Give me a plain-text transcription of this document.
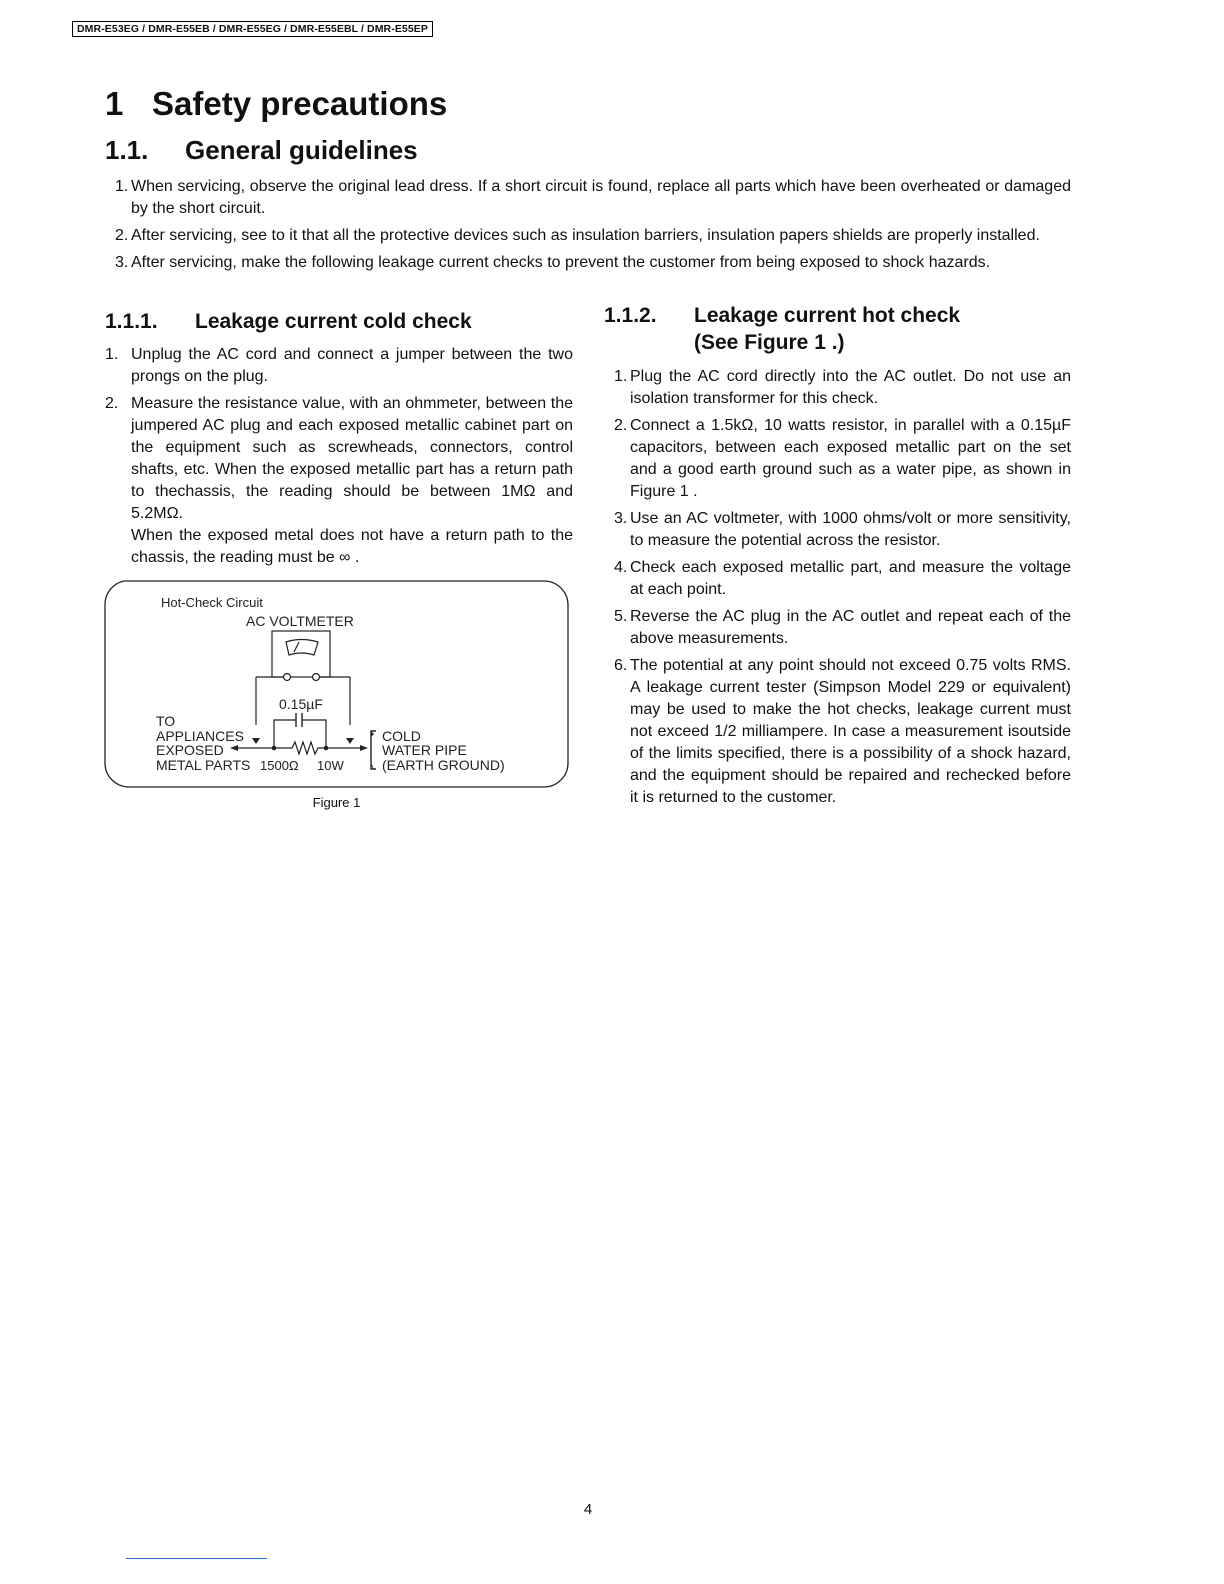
DMR-E53EG / DMR-E55EB / DMR-E55EG / DMR-E55EBL / DMR-E55EP
1 Safety precautions
1.1. General guidelines
1. When servicing, observe the original lead dress. If a short circuit is found, replace all parts which have been overheated or damaged by the short circuit.
2. After servicing, see to it that all the protective devices such as insulation barriers, insulation papers shields are properly installed.
3. After servicing, make the following leakage current checks to prevent the customer from being exposed to shock hazards.
1.1.1. Leakage current cold check
1. Unplug the AC cord and connect a jumper between the two prongs on the plug.
2. Measure the resistance value, with an ohmmeter, between the jumpered AC plug and each exposed metallic cabinet part on the equipment such as screwheads, connectors, control shafts, etc. When the exposed metallic part has a return path to thechassis, the reading should be between 1MΩ and 5.2MΩ.

When the exposed metal does not have a return path to the chassis, the reading must be ∞ .

Hot-Check Circuit
AC VOLTMETER
0.15µF
TO
APPLIANCES
EXPOSED
METAL PARTS 1500Ω 10W
COLD
WATER PIPE
(EARTH GROUND)
Figure 1
1.1.2. Leakage current hot check
(See Figure 1 .)
1. Plug the AC cord directly into the AC outlet. Do not use an isolation transformer for this check.
2. Connect a 1.5kΩ, 10 watts resistor, in parallel with a 0.15µF capacitors, between each exposed metallic part on the set and a good earth ground such as a water pipe, as shown in Figure 1 .
3. Use an AC voltmeter, with 1000 ohms/volt or more sensitivity, to measure the potential across the resistor.
4. Check each exposed metallic part, and measure the voltage at each point.
5. Reverse the AC plug in the AC outlet and repeat each of the above measurements.
6. The potential at any point should not exceed 0.75 volts RMS. A leakage current tester (Simpson Model 229 or equivalent) may be used to make the hot checks, leakage current must not exceed 1/2 milliampere. In case a measurement isoutside of the limits specified, there is a possibility of a shock hazard, and the equipment should be repaired and rechecked before it is returned to the customer.
4
